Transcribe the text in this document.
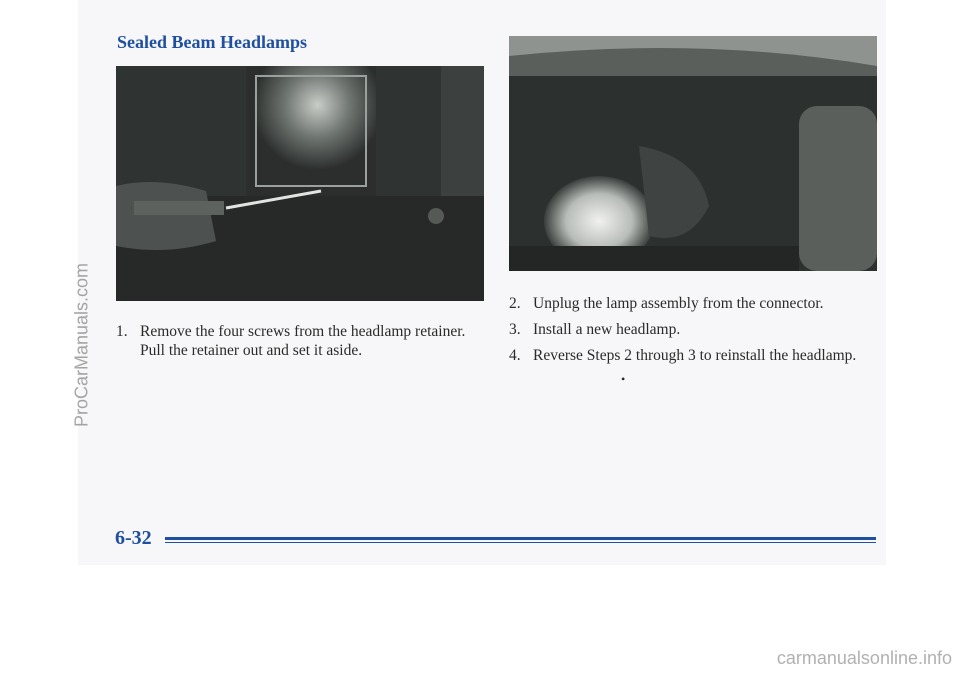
Sealed Beam Headlamps
1. Remove the four screws from the headlamp retainer.
Pull the retainer out and set it aside.
2. Unplug the lamp assembly from the connector.
3. Install a new headlamp.
4. Reverse Steps 2 through 3 to reinstall the headlamp.
•
6-32
ProCarManuals.com
carmanualsonline.info
